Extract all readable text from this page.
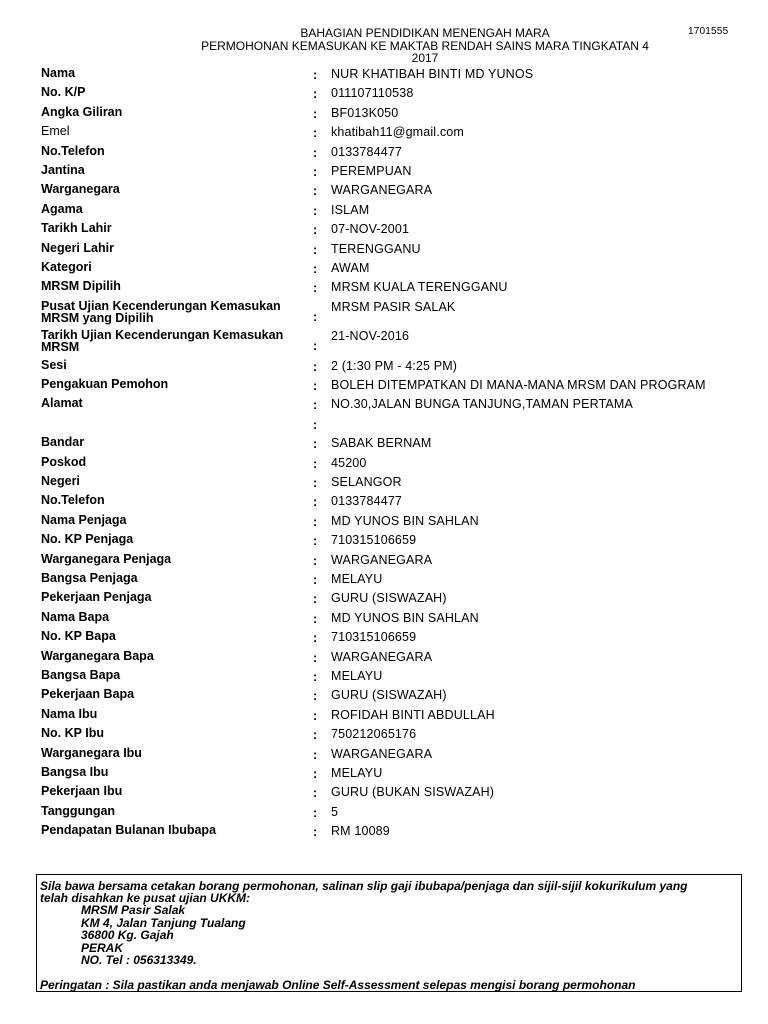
1701555
BAHAGIAN PENDIDIKAN MENENGAH MARA
PERMOHONAN KEMASUKAN KE MAKTAB RENDAH SAINS MARA TINGKATAN 4
2017
Nama	: NUR KHATIBAH BINTI MD YUNOS
No. K/P	: 011107110538
Angka Giliran	: BF013K050
Emel	: khatibah11@gmail.com
No.Telefon	: 0133784477
Jantina	: PEREMPUAN
Warganegara	: WARGANEGARA
Agama	: ISLAM
Tarikh Lahir	: 07-NOV-2001
Negeri Lahir	: TERENGGANU
Kategori	: AWAM
MRSM Dipilih	: MRSM KUALA TERENGGANU
Pusat Ujian Kecenderungan Kemasukan MRSM yang Dipilih	:
MRSM PASIR SALAK
Tarikh Ujian Kecenderungan Kemasukan MRSM	:
21-NOV-2016
Sesi	: 2 (1:30 PM - 4:25 PM)
Pengakuan Pemohon	: BOLEH DITEMPATKAN DI MANA-MANA MRSM DAN PROGRAM
Alamat	: NO.30,JALAN BUNGA TANJUNG,TAMAN PERTAMA
:
Bandar	: SABAK BERNAM
Poskod	: 45200
Negeri	: SELANGOR
No.Telefon	: 0133784477
Nama Penjaga	: MD YUNOS BIN SAHLAN
No. KP Penjaga	: 710315106659
Warganegara Penjaga	: WARGANEGARA
Bangsa Penjaga	: MELAYU
Pekerjaan Penjaga	: GURU (SISWAZAH)
Nama Bapa	: MD YUNOS BIN SAHLAN
No. KP Bapa	: 710315106659
Warganegara Bapa	: WARGANEGARA
Bangsa Bapa	: MELAYU
Pekerjaan Bapa	: GURU (SISWAZAH)
Nama Ibu	: ROFIDAH BINTI ABDULLAH
No. KP Ibu	: 750212065176
Warganegara Ibu	: WARGANEGARA
Bangsa Ibu	: MELAYU
Pekerjaan Ibu	: GURU (BUKAN SISWAZAH)
Tanggungan	: 5
Pendapatan Bulanan Ibubapa	: RM 10089
Sila bawa bersama cetakan borang permohonan, salinan slip gaji ibubapa/penjaga dan sijil-sijil kokurikulum yang
telah disahkan ke pusat ujian UKKM:
MRSM Pasir Salak
KM 4, Jalan Tanjung Tualang
36800 Kg. Gajah
PERAK
NO. Tel : 056313349.
Peringatan : Sila pastikan anda menjawab Online Self-Assessment selepas mengisi borang permohonan
